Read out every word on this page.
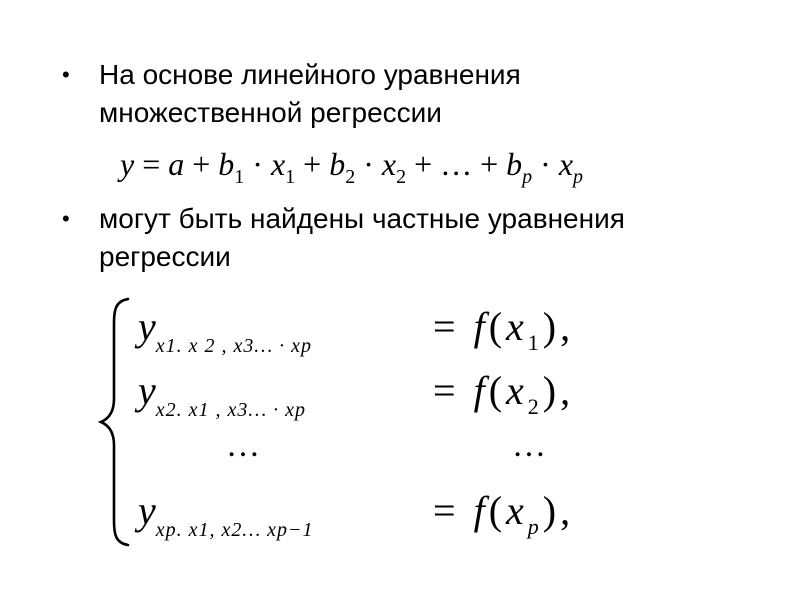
•	На основе линейного уравнения
множественной регрессии
$y = a + b_1 \cdot x_1 + b_2 \cdot x_2$ + … + $b_p \cdot x_p$
•	могут быть найдены частные уравнения
регрессии
$y_{x1. x 2 , x3\dots \cdot xp}$	= $f(x_1)$,
$y_{x2. x1 , x3\dots \cdot xp}$	= $f(x_2)$,
…	…
$y_{xp. x1, x2\dots xp-1}$	= $f(x_p)$,
